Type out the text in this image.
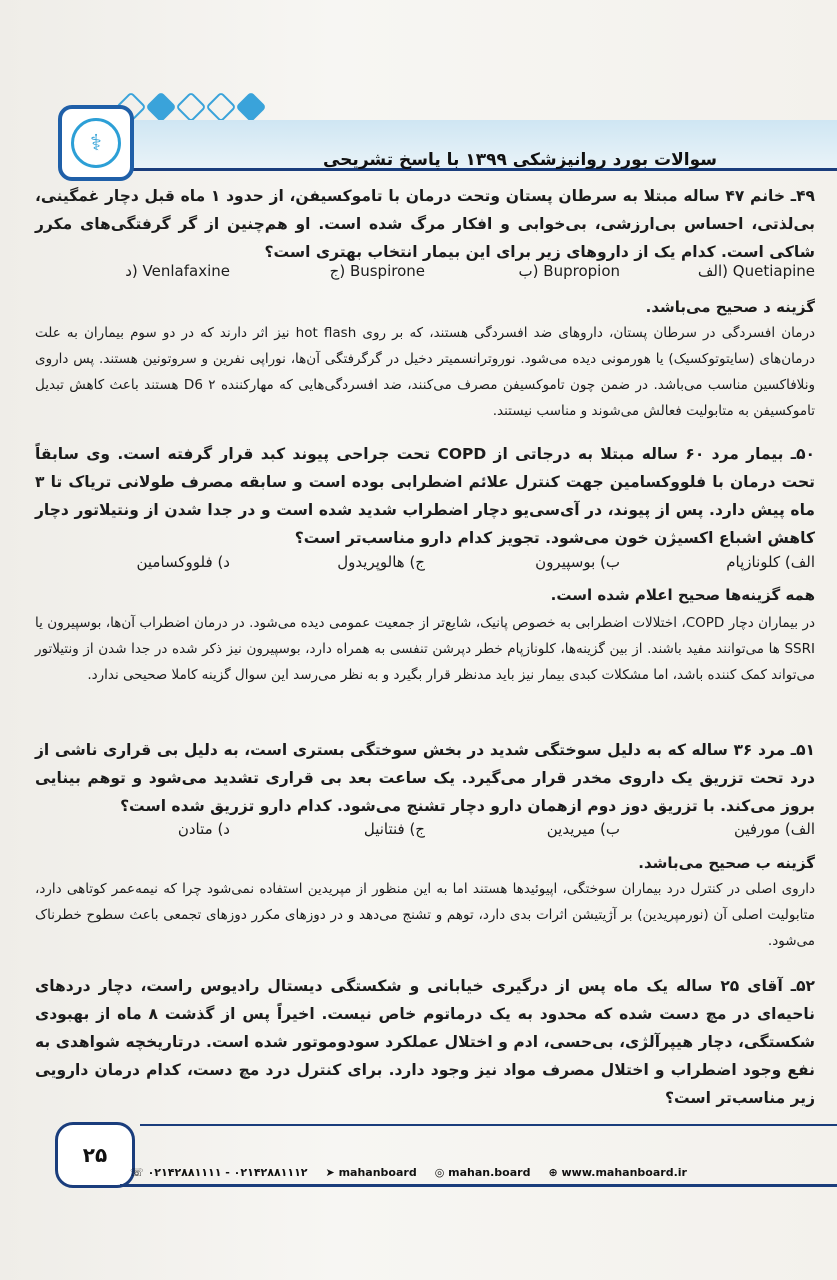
⚕
سوالات بورد روانپزشکی ۱۳۹۹ با پاسخ تشریحی
۴۹ـ خانم ۴۷ ساله مبتلا به سرطان پستان وتحت درمان با تاموکسیفن، از حدود ۱ ماه قبل دچار غمگینی، بی‌لذتی، احساس بی‌ارزشی، بی‌خوابی و افکار مرگ شده است. او هم‌چنین از گر گرفتگی‌های مکرر شاکی است. کدام یک از داروهای زیر برای این بیمار انتخاب بهتری است؟
الف) Quetiapine
ب) Bupropion
ج) Buspirone
د) Venlafaxine
گزینه د صحیح می‌باشد.
درمان افسردگی در سرطان پستان، داروهای ضد افسردگی هستند، که بر روی hot flash نیز اثر دارند که در دو سوم بیماران به علت درمان‌های (سایتوتوکسیک) یا هورمونی دیده می‌شود. نوروترانسمیتر دخیل در گرگرفتگی آن‌ها، نوراپی نفرین و سروتونین هستند. پس داروی ونلافاکسین مناسب می‌باشد. در ضمن چون تاموکسیفن مصرف می‌کنند، ضد افسردگی‌هایی که مهارکننده D6 ۲ هستند باعث کاهش تبدیل تاموکسیفن به متابولیت فعالش می‌شوند و مناسب نیستند.
۵۰ـ بیمار مرد ۶۰ ساله مبتلا به درجاتی از COPD تحت جراحی پیوند کبد قرار گرفته است. وی سابقاً تحت درمان با فلووکسامین جهت کنترل علائم اضطرابی بوده است و سابقه مصرف طولانی تریاک تا ۳ ماه پیش دارد. پس از پیوند، در آی‌سی‌یو دچار اضطراب شدید شده است و در جدا شدن از ونتیلاتور دچار کاهش اشباع اکسیژن خون می‌شود. تجویز کدام دارو مناسب‌تر است؟
الف) کلونازپام
ب) بوسپیرون
ج) هالوپریدول
د) فلووکسامین
همه گزینه‌ها صحیح اعلام شده است.
در بیماران دچار COPD، اختلالات اضطرابی به خصوص پانیک، شایع‌تر از جمعیت عمومی دیده می‌شود. در درمان اضطراب آن‌ها، بوسپیرون یا SSRI ها می‌توانند مفید باشند. از بین گزینه‌ها، کلونازپام خطر دپرشن تنفسی به همراه دارد، بوسپیرون نیز ذکر شده در جدا شدن از ونتیلاتور می‌تواند کمک کننده باشد، اما مشکلات کبدی بیمار نیز باید مدنظر قرار بگیرد و به نظر می‌رسد این سوال گزینه کاملا صحیحی ندارد.
۵۱ـ مرد ۳۶ ساله که به دلیل سوختگی شدید در بخش سوختگی بستری است، به دلیل بی قراری ناشی از درد تحت تزریق یک داروی مخدر قرار می‌گیرد. یک ساعت بعد بی قراری تشدید می‌شود و توهم بینایی بروز می‌کند. با تزریق دوز دوم ازهمان دارو دچار تشنج می‌شود. کدام دارو تزریق شده است؟
الف) مورفین
ب) میریدین
ج) فنتانیل
د) متادن
گزینه ب صحیح می‌باشد.
داروی اصلی در کنترل درد بیماران سوختگی، اپیوئیدها هستند اما به این منظور از مپریدین استفاده نمی‌شود چرا که نیمه‌عمر کوتاهی دارد، متابولیت اصلی آن (نورمپریدین) بر آژیتیشن اثرات بدی دارد، توهم و تشنج می‌دهد و در دوزهای مکرر دوزهای تجمعی باعث سطوح خطرناک می‌شود.
۵۲ـ آقای ۲۵ ساله یک ماه پس از درگیری خیابانی و شکستگی دیستال رادیوس راست، دچار دردهای ناحیه‌ای در مچ دست شده که محدود به یک درماتوم خاص نیست. اخیراً پس از گذشت ۸ ماه از بهبودی شکستگی، دچار هیپرآلژی، بی‌حسی، ادم و اختلال عملکرد سودوموتور شده است. درتاریخچه شواهدی به نفع وجود اضطراب و اختلال مصرف مواد نیز وجود دارد. برای کنترل درد مچ دست، کدام درمان دارویی زیر مناسب‌تر است؟
۲۵
☏ ۰۲۱۴۲۸۸۱۱۱۱ - ۰۲۱۴۲۸۸۱۱۱۲ ➤ mahanboard ◎ mahan.board ⊕ www.mahanboard.ir
